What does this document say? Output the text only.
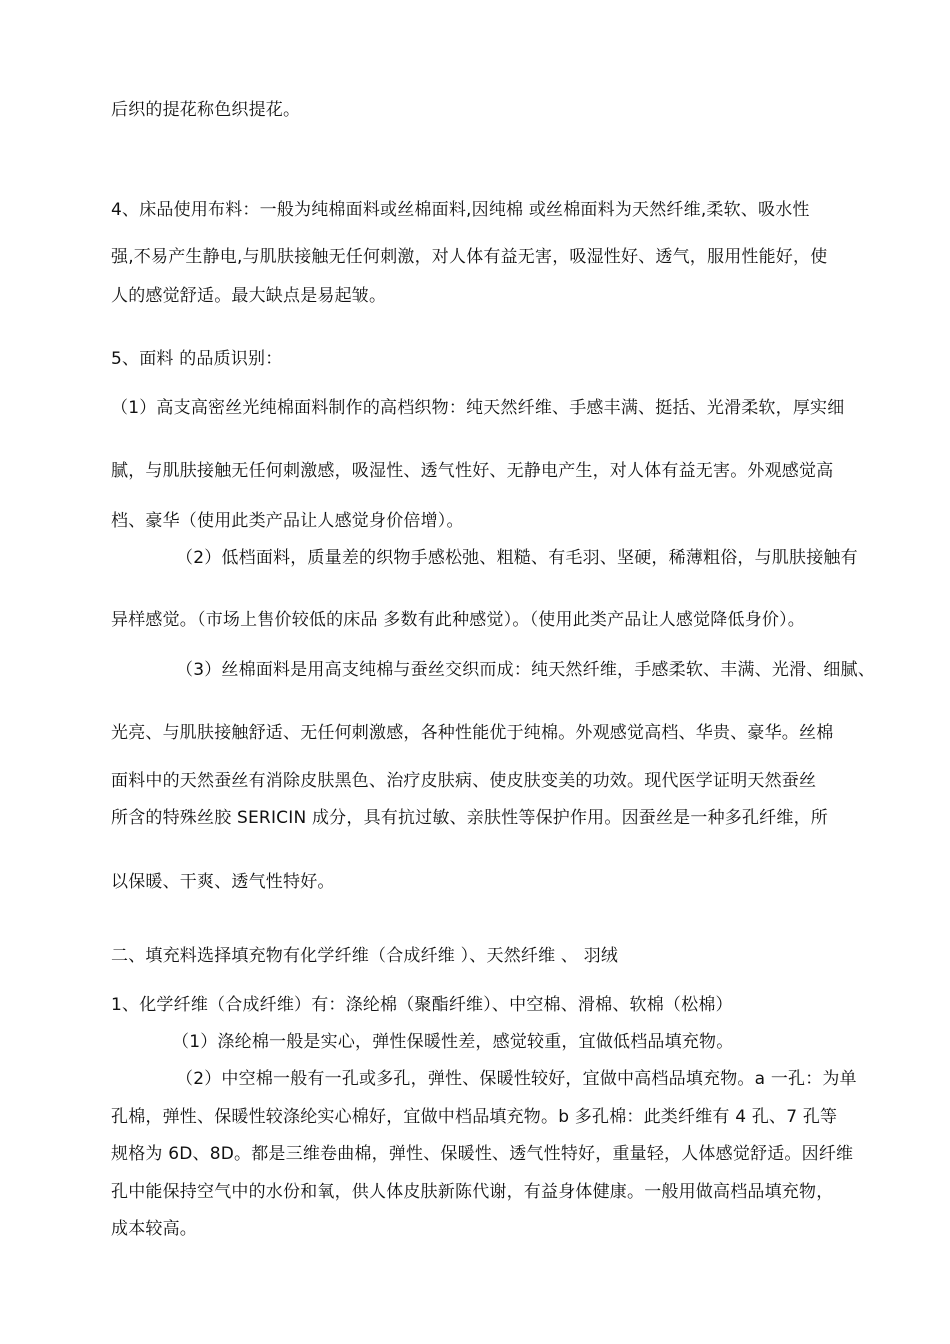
后织的提花称色织提花。
4、床品使用布料：一般为纯棉面料或丝棉面料,因纯棉 或丝棉面料为天然纤维,柔软、吸水性
强,不易产生静电,与肌肤接触无任何刺激，对人体有益无害，吸湿性好、透气，服用性能好，使
人的感觉舒适。最大缺点是易起皱。
5、面料 的品质识别：
（1）高支高密丝光纯棉面料制作的高档织物：纯天然纤维、手感丰满、挺括、光滑柔软，厚实细
腻，与肌肤接触无任何刺激感，吸湿性、透气性好、无静电产生，对人体有益无害。外观感觉高
档、豪华（使用此类产品让人感觉身价倍增）。
（2）低档面料，质量差的织物手感松弛、粗糙、有毛羽、坚硬，稀薄粗俗，与肌肤接触有
异样感觉。（市场上售价较低的床品 多数有此种感觉）。（使用此类产品让人感觉降低身价）。
（3）丝棉面料是用高支纯棉与蚕丝交织而成：纯天然纤维，手感柔软、丰满、光滑、细腻、
光亮、与肌肤接触舒适、无任何刺激感，各种性能优于纯棉。外观感觉高档、华贵、豪华。丝棉
面料中的天然蚕丝有消除皮肤黑色、治疗皮肤病、使皮肤变美的功效。现代医学证明天然蚕丝
所含的特殊丝胶 SERICIN 成分，具有抗过敏、亲肤性等保护作用。因蚕丝是一种多孔纤维，所
以保暖、干爽、透气性特好。
二、填充料选择填充物有化学纤维（合成纤维 ）、天然纤维 、 羽绒
1、化学纤维（合成纤维）有：涤纶棉（聚酯纤维）、中空棉、滑棉、软棉（松棉）
（1）涤纶棉一般是实心，弹性保暖性差，感觉较重，宜做低档品填充物。
（2）中空棉一般有一孔或多孔，弹性、保暖性较好，宜做中高档品填充物。a 一孔：为单
孔棉，弹性、保暖性较涤纶实心棉好，宜做中档品填充物。b 多孔棉：此类纤维有 4 孔、7 孔等
规格为 6D、8D。都是三维卷曲棉，弹性、保暖性、透气性特好，重量轻，人体感觉舒适。因纤维
孔中能保持空气中的水份和氧，供人体皮肤新陈代谢，有益身体健康。一般用做高档品填充物，
成本较高。
